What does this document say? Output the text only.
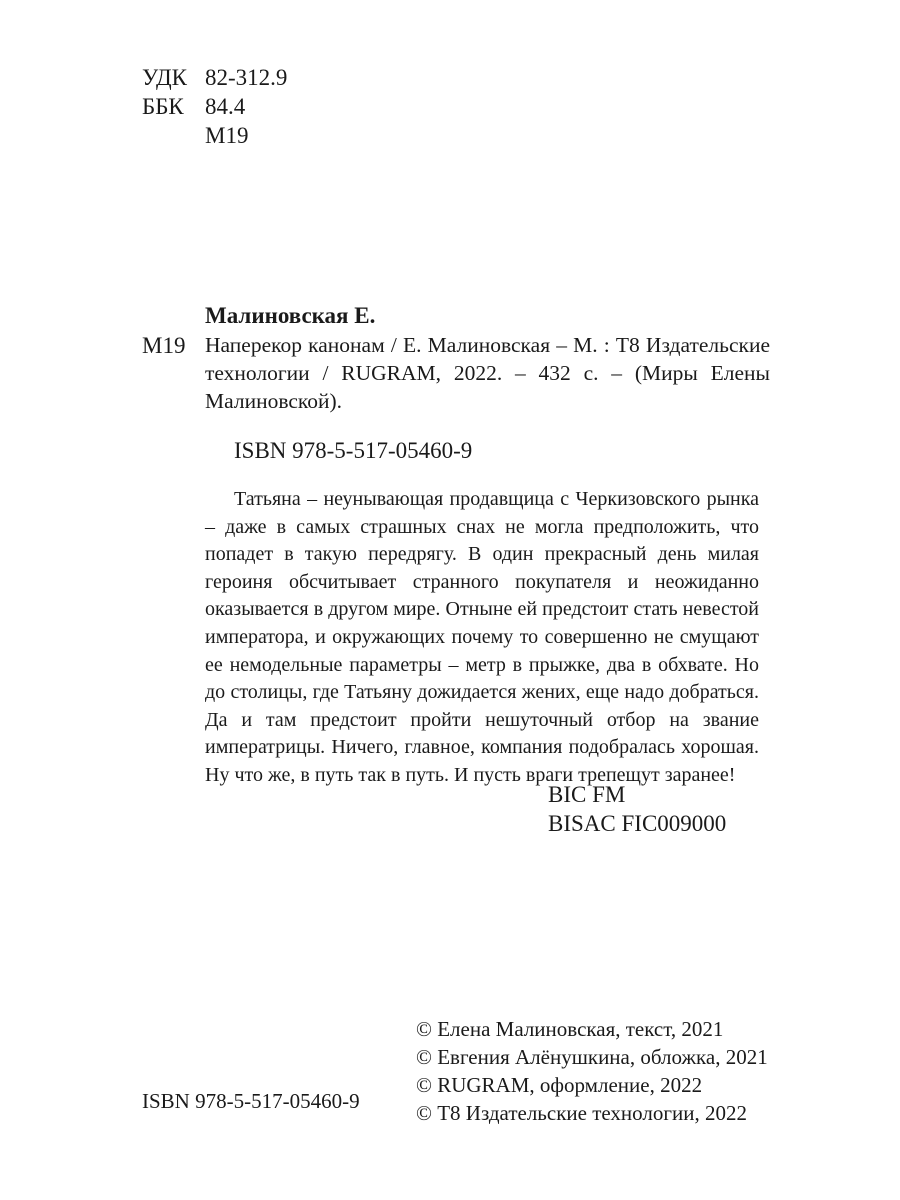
УДК 82-312.9
ББК 84.4
М19
Малиновская Е.
М19 Наперекор канонам / Е. Малиновская – М. : Т8 Издательские технологии / RUGRAM, 2022. – 432 с. – (Миры Елены Малиновской).

ISBN 978-5-517-05460-9

Татьяна – неунывающая продавщица с Черкизовского рынка – даже в самых страшных снах не могла предположить, что попадет в такую передрягу. В один прекрасный день милая героиня обсчитывает странного покупателя и неожиданно оказывается в другом мире. Отныне ей предстоит стать невестой императора, и окружающих почему то совершенно не смущают ее немодельные параметры – метр в прыжке, два в обхвате. Но до столицы, где Татьяну дожидается жених, еще надо добраться. Да и там предстоит пройти нешуточный отбор на звание императрицы. Ничего, главное, компания подобралась хорошая. Ну что же, в путь так в путь. И пусть враги трепещут заранее!

BIC FM
BISAC FIC009000
© Елена Малиновская, текст, 2021
© Евгения Алёнушкина, обложка, 2021
© RUGRAM, оформление, 2022
© Т8 Издательские технологии, 2022
ISBN 978-5-517-05460-9
